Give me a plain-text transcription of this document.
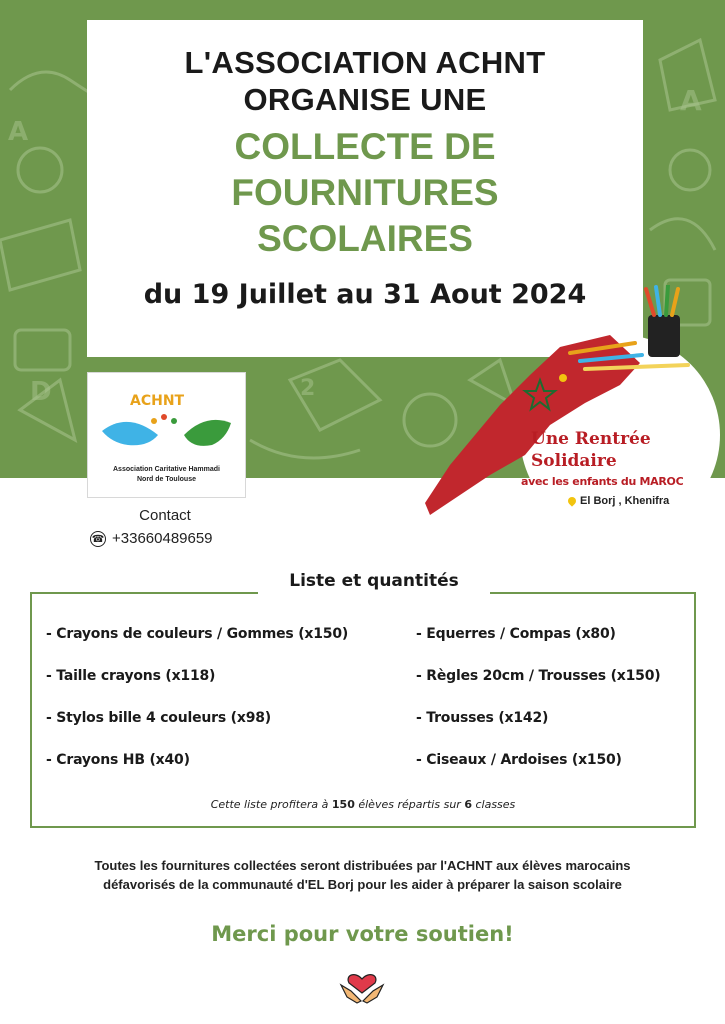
A
D
A
2
L'ASSOCIATION ACHNT
ORGANISE UNE
COLLECTE DE
FOURNITURES
SCOLAIRES
du 19 Juillet au 31 Aout 2024
ACHNT
Association Caritative Hammadi
Nord de Toulouse
Contact
☎ +33660489659
Une Rentrée
Solidaire
avec les enfants du MAROC
El Borj , Khenifra
Liste et quantités
- Crayons de couleurs / Gommes (x150)
- Taille crayons (x118)
- Stylos bille 4 couleurs (x98)
- Crayons HB (x40)
- Equerres / Compas (x80)
- Règles 20cm / Trousses (x150)
- Trousses (x142)
- Ciseaux / Ardoises (x150)
Cette liste profitera à 150 élèves répartis sur 6 classes
Toutes les fournitures collectées seront distribuées par l'ACHNT aux élèves marocains
défavorisés de la communauté d'EL Borj pour les aider à préparer la saison scolaire
Merci pour votre soutien!
